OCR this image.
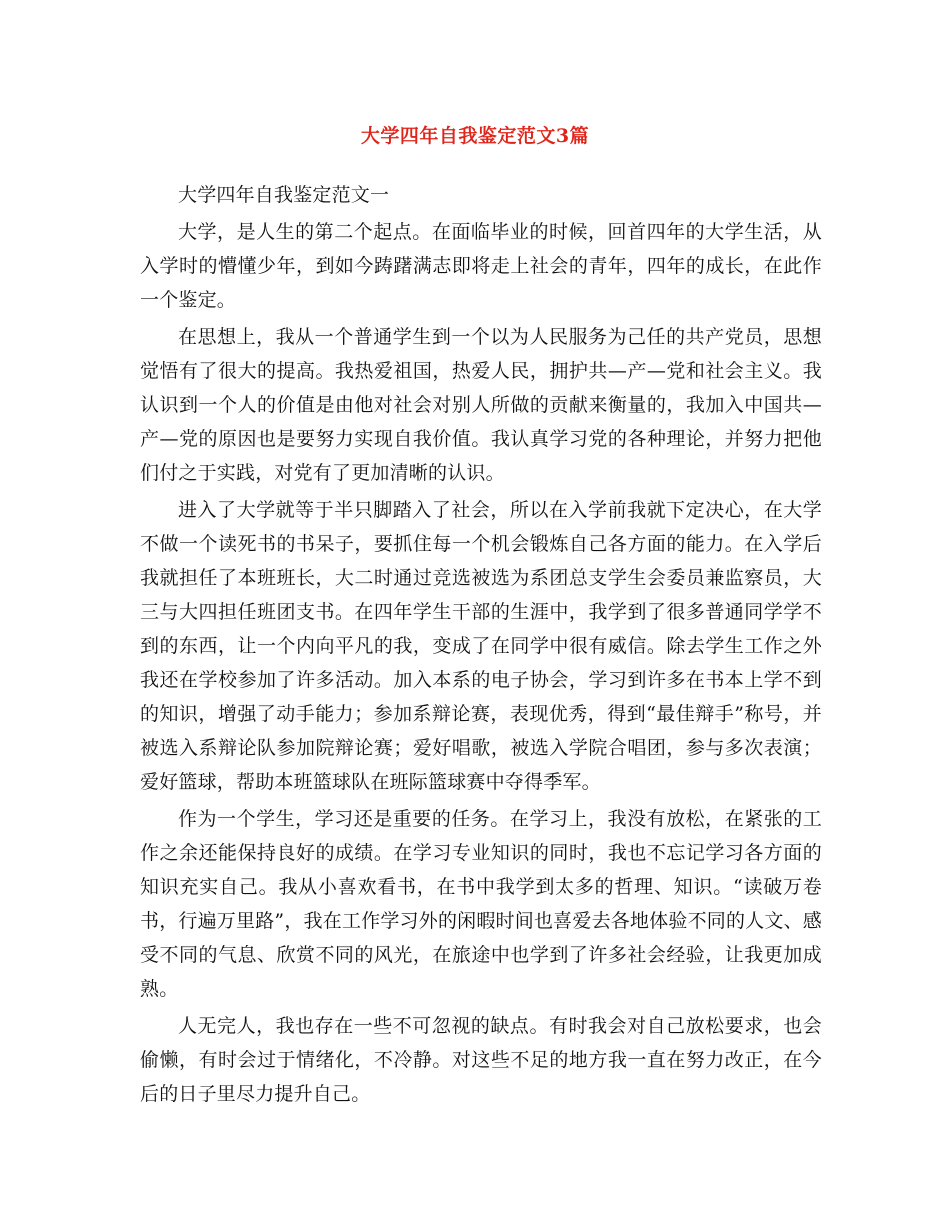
大学四年自我鉴定范文3篇

大学四年自我鉴定范文一

大学，是人生的第二个起点。在面临毕业的时候，回首四年的大学生活，从入学时的懵懂少年，到如今踌躇满志即将走上社会的青年，四年的成长，在此作一个鉴定。

在思想上，我从一个普通学生到一个以为人民服务为己任的共产党员，思想觉悟有了很大的提高。我热爱祖国，热爱人民，拥护共—产—党和社会主义。我认识到一个人的价值是由他对社会对别人所做的贡献来衡量的，我加入中国共—产—党的原因也是要努力实现自我价值。我认真学习党的各种理论，并努力把他们付之于实践，对党有了更加清晰的认识。

进入了大学就等于半只脚踏入了社会，所以在入学前我就下定决心，在大学不做一个读死书的书呆子，要抓住每一个机会锻炼自己各方面的能力。在入学后我就担任了本班班长，大二时通过竞选被选为系团总支学生会委员兼监察员，大三与大四担任班团支书。在四年学生干部的生涯中，我学到了很多普通同学学不到的东西，让一个内向平凡的我，变成了在同学中很有威信。除去学生工作之外我还在学校参加了许多活动。加入本系的电子协会，学习到许多在书本上学不到的知识，增强了动手能力；参加系辩论赛，表现优秀，得到“最佳辩手”称号，并被选入系辩论队参加院辩论赛；爱好唱歌，被选入学院合唱团，参与多次表演；爱好篮球，帮助本班篮球队在班际篮球赛中夺得季军。

作为一个学生，学习还是重要的任务。在学习上，我没有放松，在紧张的工作之余还能保持良好的成绩。在学习专业知识的同时，我也不忘记学习各方面的知识充实自己。我从小喜欢看书，在书中我学到太多的哲理、知识。“读破万卷书，行遍万里路”，我在工作学习外的闲暇时间也喜爱去各地体验不同的人文、感受不同的气息、欣赏不同的风光，在旅途中也学到了许多社会经验，让我更加成熟。

人无完人，我也存在一些不可忽视的缺点。有时我会对自己放松要求，也会偷懒，有时会过于情绪化，不冷静。对这些不足的地方我一直在努力改正，在今后的日子里尽力提升自己。
